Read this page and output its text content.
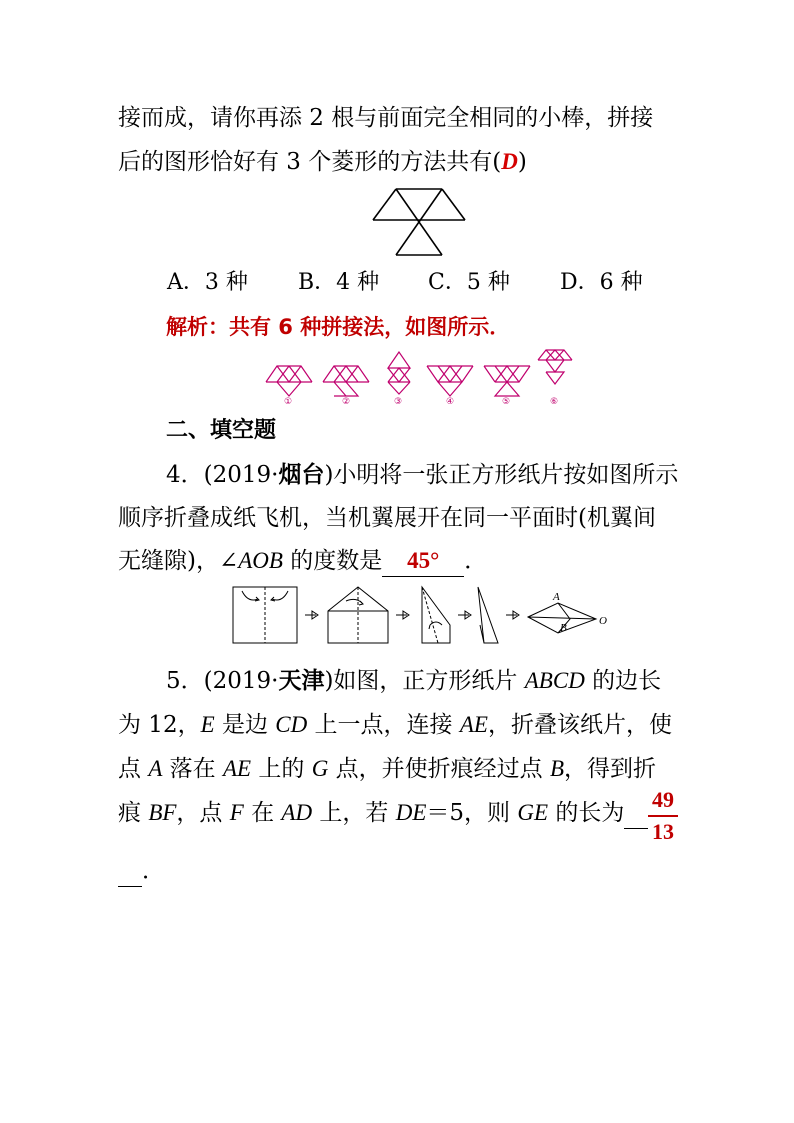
接而成，请你再添 2 根与前面完全相同的小棒，拼接
后的图形恰好有 3 个菱形的方法共有(D)
A．3 种 B．4 种 C．5 种 D．6 种
解析：共有 6 种拼接法，如图所示．
①	②	③	④	⑤	⑥
二、填空题
4．(2019·烟台)小明将一张正方形纸片按如图所示
顺序折叠成纸飞机，当机翼展开在同一平面时(机翼间
无缝隙)，∠AOB 的度数是 45° ．
A
B
O
5．(2019·天津)如图，正方形纸片 ABCD 的边长
为 12，E 是边 CD 上一点，连接 AE，折叠该纸片，使
点 A 落在 AE 上的 G 点，并使折痕经过点 B，得到折
痕 BF，点 F 在 AD 上，若 DE＝5，则 GE 的长为
49
13
．
